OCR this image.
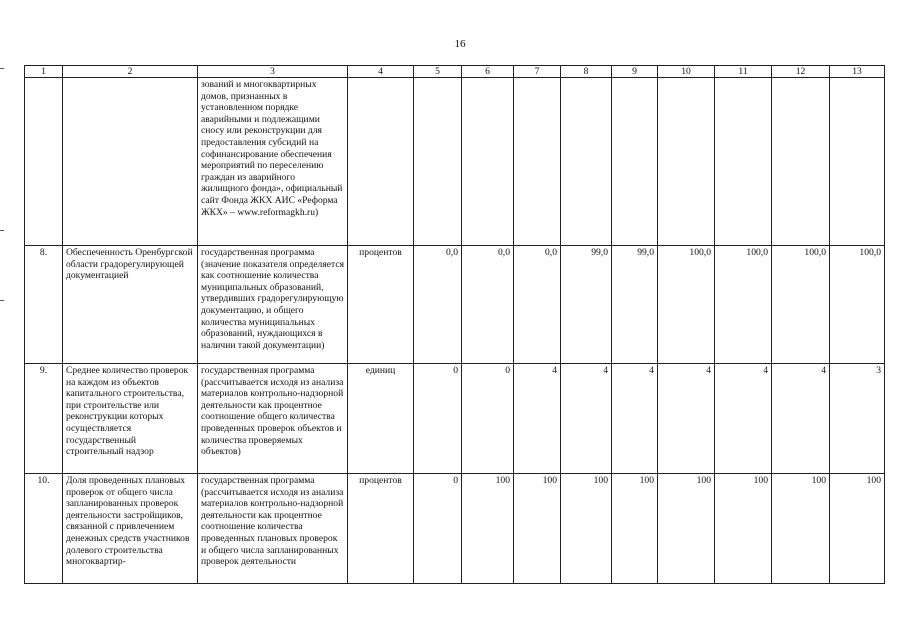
16
1	2	3	4	5	6	7	8	9	10	11	12	13
		зований и многоквартирных домов, признанных в установленном порядке аварийными и подлежащими сносу или реконструкции для предоставления субсидий на софинансирование обеспечения мероприятий по переселению граждан из аварийного жилищного фонда», официальный сайт Фонда ЖКХ АИС «Реформа ЖКХ» – www.reformagkh.ru)										
8.	Обеспеченность Оренбургской области градорегулирующей документацией	государственная программа (значение показателя определяется как соотношение количества муниципальных образований, утвердивших градорегулирующую документацию, и общего количества муниципальных образований, нуждающихся в наличии такой документации)	процентов	0,0	0,0	0,0	99,0	99,0	100,0	100,0	100,0	100,0
9.	Среднее количество проверок на каждом из объектов капитального строительства, при строительстве или реконструкции которых осуществляется государственный строительный надзор	государственная программа (рассчитывается исходя из анализа материалов контрольно-надзорной деятельности как процентное соотношение общего количества проведенных проверок объектов и количества проверяемых объектов)	единиц	0	0	4	4	4	4	4	4	3
10.	Доля проведенных плановых проверок от общего числа запланированных проверок деятельности застройщиков, связанной с привлечением денежных средств участников долевого строительства многоквартир-	государственная программа (рассчитывается исходя из анализа материалов контрольно-надзорной деятельности как процентное соотношение количества проведенных плановых проверок и общего числа запланированных проверок деятельности	процентов	0	100	100	100	100	100	100	100	100
